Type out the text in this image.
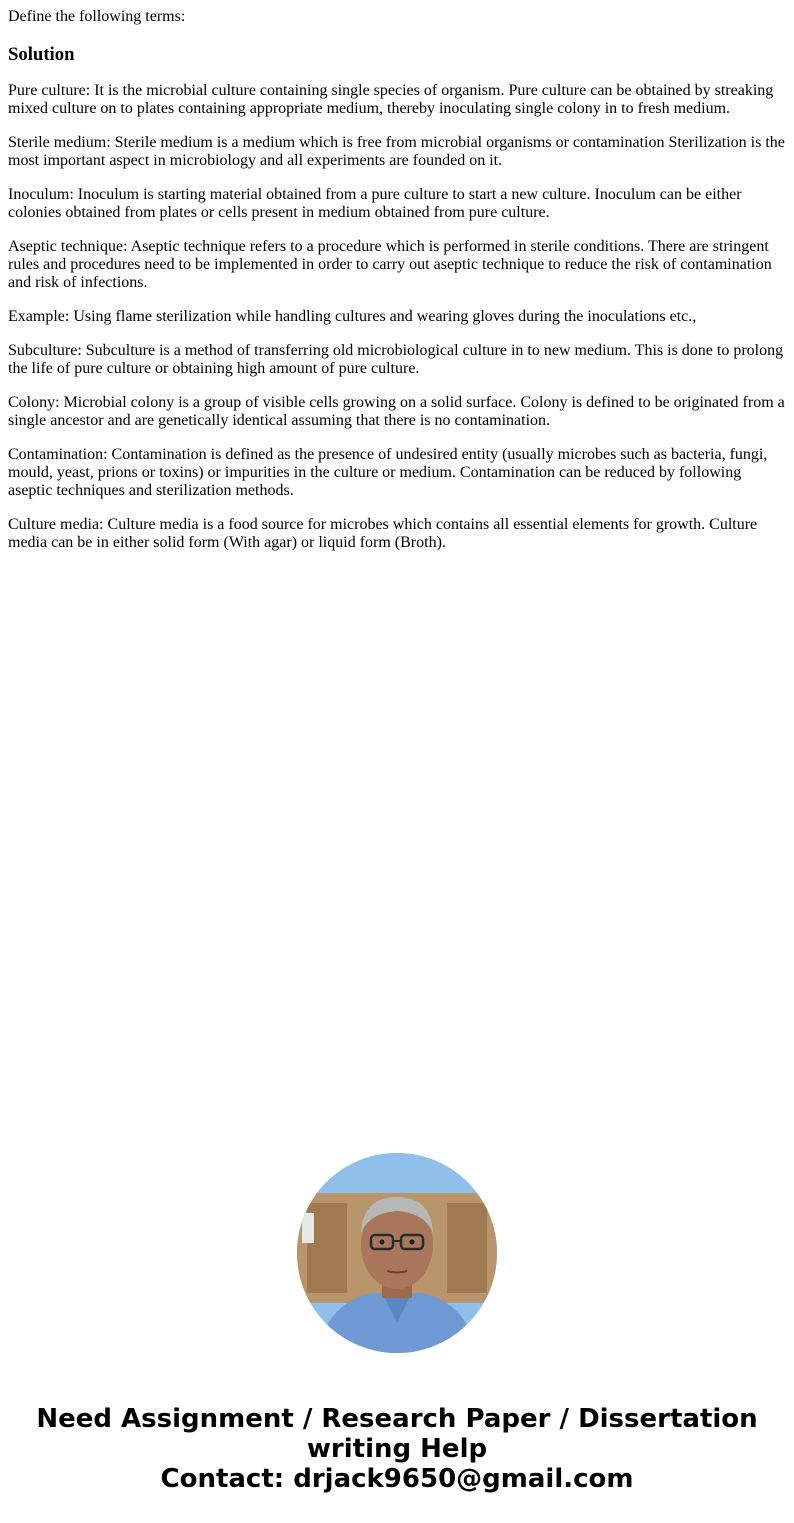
Define the following terms:

Solution

Pure culture: It is the microbial culture containing single species of organism. Pure culture can be obtained by streaking mixed culture on to plates containing appropriate medium, thereby inoculating single colony in to fresh medium.

Sterile medium: Sterile medium is a medium which is free from microbial organisms or contamination Sterilization is the most important aspect in microbiology and all experiments are founded on it.

Inoculum: Inoculum is starting material obtained from a pure culture to start a new culture. Inoculum can be either colonies obtained from plates or cells present in medium obtained from pure culture.

Aseptic technique: Aseptic technique refers to a procedure which is performed in sterile conditions. There are stringent rules and procedures need to be implemented in order to carry out aseptic technique to reduce the risk of contamination and risk of infections.

Example: Using flame sterilization while handling cultures and wearing gloves during the inoculations etc.,

Subculture: Subculture is a method of transferring old microbiological culture in to new medium. This is done to prolong the life of pure culture or obtaining high amount of pure culture.

Colony: Microbial colony is a group of visible cells growing on a solid surface. Colony is defined to be originated from a single ancestor and are genetically identical assuming that there is no contamination.

Contamination: Contamination is defined as the presence of undesired entity (usually microbes such as bacteria, fungi, mould, yeast, prions or toxins) or impurities in the culture or medium. Contamination can be reduced by following aseptic techniques and sterilization methods.

Culture media: Culture media is a food source for microbes which contains all essential elements for growth. Culture media can be in either solid form (With agar) or liquid form (Broth).

Need Assignment / Research Paper / Dissertation
writing Help
Contact: drjack9650@gmail.com
